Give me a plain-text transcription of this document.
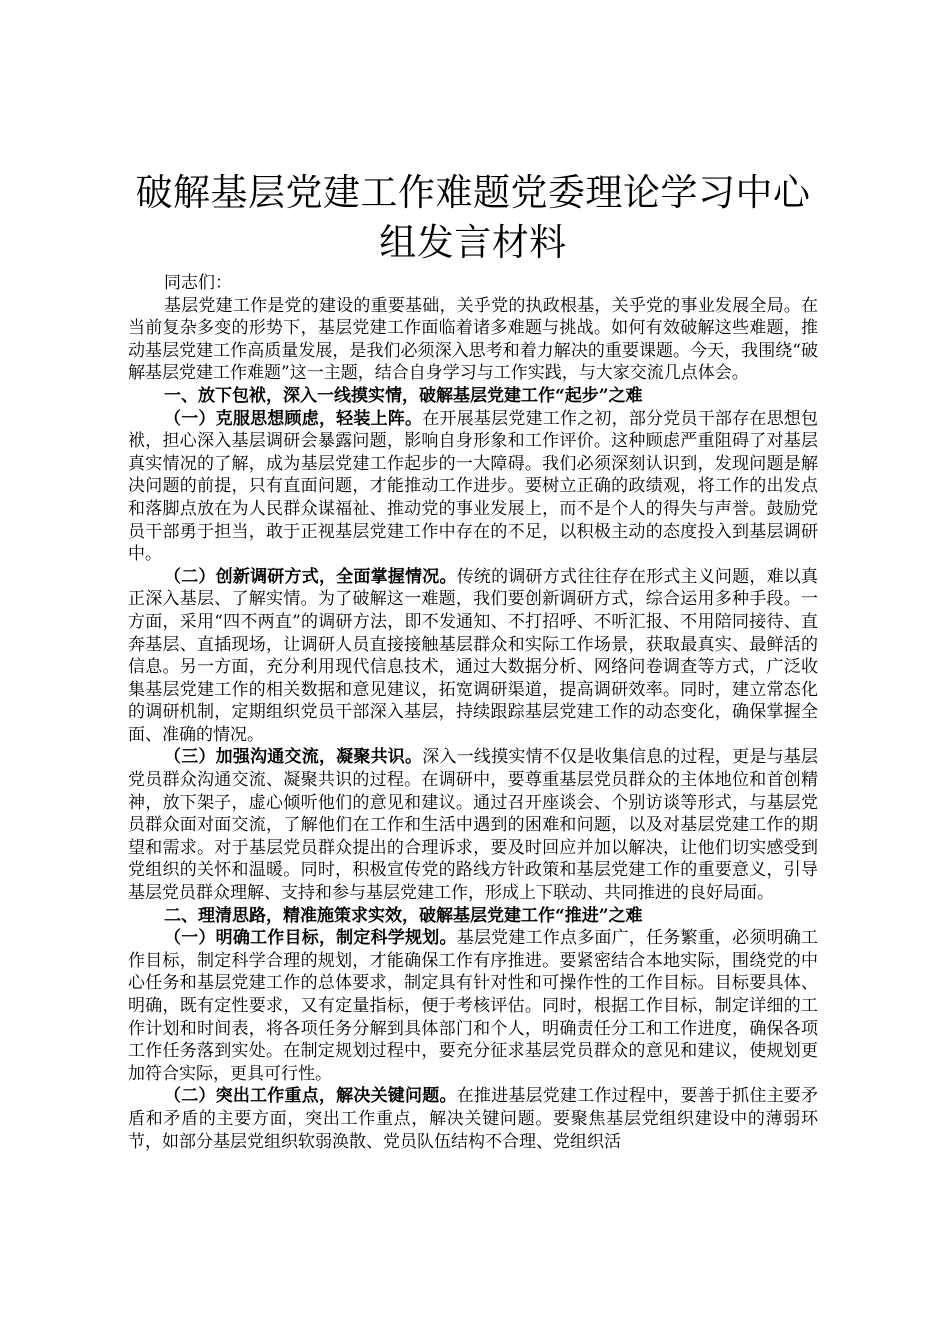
破解基层党建工作难题党委理论学习中心组发言材料

同志们：

基层党建工作是党的建设的重要基础，关乎党的执政根基，关乎党的事业发展全局。在当前复杂多变的形势下，基层党建工作面临着诸多难题与挑战。如何有效破解这些难题，推动基层党建工作高质量发展，是我们必须深入思考和着力解决的重要课题。今天，我围绕“破解基层党建工作难题”这一主题，结合自身学习与工作实践，与大家交流几点体会。

一、放下包袱，深入一线摸实情，破解基层党建工作“起步”之难

（一）克服思想顾虑，轻装上阵。在开展基层党建工作之初，部分党员干部存在思想包袱，担心深入基层调研会暴露问题，影响自身形象和工作评价。这种顾虑严重阻碍了对基层真实情况的了解，成为基层党建工作起步的一大障碍。我们必须深刻认识到，发现问题是解决问题的前提，只有直面问题，才能推动工作进步。要树立正确的政绩观，将工作的出发点和落脚点放在为人民群众谋福祉、推动党的事业发展上，而不是个人的得失与声誉。鼓励党员干部勇于担当，敢于正视基层党建工作中存在的不足，以积极主动的态度投入到基层调研中。

（二）创新调研方式，全面掌握情况。传统的调研方式往往存在形式主义问题，难以真正深入基层、了解实情。为了破解这一难题，我们要创新调研方式，综合运用多种手段。一方面，采用“四不两直”的调研方法，即不发通知、不打招呼、不听汇报、不用陪同接待、直奔基层、直插现场，让调研人员直接接触基层群众和实际工作场景，获取最真实、最鲜活的信息。另一方面，充分利用现代信息技术，通过大数据分析、网络问卷调查等方式，广泛收集基层党建工作的相关数据和意见建议，拓宽调研渠道，提高调研效率。同时，建立常态化的调研机制，定期组织党员干部深入基层，持续跟踪基层党建工作的动态变化，确保掌握全面、准确的情况。

（三）加强沟通交流，凝聚共识。深入一线摸实情不仅是收集信息的过程，更是与基层党员群众沟通交流、凝聚共识的过程。在调研中，要尊重基层党员群众的主体地位和首创精神，放下架子，虚心倾听他们的意见和建议。通过召开座谈会、个别访谈等形式，与基层党员群众面对面交流，了解他们在工作和生活中遇到的困难和问题，以及对基层党建工作的期望和需求。对于基层党员群众提出的合理诉求，要及时回应并加以解决，让他们切实感受到党组织的关怀和温暖。同时，积极宣传党的路线方针政策和基层党建工作的重要意义，引导基层党员群众理解、支持和参与基层党建工作，形成上下联动、共同推进的良好局面。

二、理清思路，精准施策求实效，破解基层党建工作“推进”之难

（一）明确工作目标，制定科学规划。基层党建工作点多面广，任务繁重，必须明确工作目标，制定科学合理的规划，才能确保工作有序推进。要紧密结合本地实际，围绕党的中心任务和基层党建工作的总体要求，制定具有针对性和可操作性的工作目标。目标要具体、明确，既有定性要求，又有定量指标，便于考核评估。同时，根据工作目标，制定详细的工作计划和时间表，将各项任务分解到具体部门和个人，明确责任分工和工作进度，确保各项工作任务落到实处。在制定规划过程中，要充分征求基层党员群众的意见和建议，使规划更加符合实际，更具可行性。

（二）突出工作重点，解决关键问题。在推进基层党建工作过程中，要善于抓住主要矛盾和矛盾的主要方面，突出工作重点，解决关键问题。要聚焦基层党组织建设中的薄弱环节，如部分基层党组织软弱涣散、党员队伍结构不合理、党组织活
